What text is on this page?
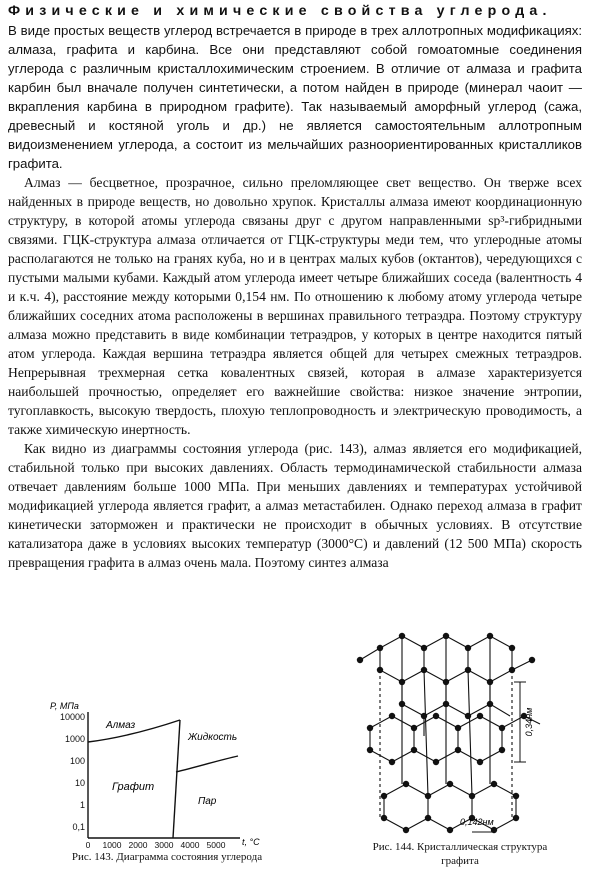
Физические и химические свойства углерода.

В виде простых веществ углерод встречается в природе в трех аллотропных модификациях: алмаза, графита и карбина. Все они представляют собой гомоатомные соединения углерода с различным кристаллохимическим строением. В отличие от алмаза и графита карбин был вначале получен синтетически, а потом найден в природе (минерал чаоит — вкрапления карбина в природном графите). Так называемый аморфный углерод (сажа, древесный и костяной уголь и др.) не является самостоятельным аллотропным видоизменением углерода, а состоит из мельчайших разноориентированных кристалликов графита.

Алмаз — бесцветное, прозрачное, сильно преломляющее свет вещество. Он тверже всех найденных в природе веществ, но довольно хрупок. Кристаллы алмаза имеют координационную структуру, в которой атомы углерода связаны друг с другом направленными sp³-гибридными связями. ГЦК-структура алмаза отличается от ГЦК-структуры меди тем, что углеродные атомы располагаются не только на гранях куба, но и в центрах малых кубов (октантов), чередующихся с пустыми малыми кубами. Каждый атом углерода имеет четыре ближайших соседа (валентность 4 и к.ч. 4), расстояние между которыми 0,154 нм. По отношению к любому атому углерода четыре ближайших соседних атома расположены в вершинах правильного тетраэдра. Поэтому структуру алмаза можно представить в виде комбинации тетраэдров, у которых в центре находится пятый атом углерода. Каждая вершина тетраэдра является общей для четырех смежных тетраэдров. Непрерывная трехмерная сетка ковалентных связей, которая в алмазе характеризуется наибольшей прочностью, определяет его важнейшие свойства: низкое значение энтропии, тугоплавкость, высокую твердость, плохую теплопроводность и электрическую проводимость, а также химическую инертность.

Как видно из диаграммы состояния углерода (рис. 143), алмаз является его модификацией, стабильной только при высоких давлениях. Область термодинамической стабильности алмаза отвечает давлениям больше 1000 МПа. При меньших давлениях и температурах устойчивой модификацией углерода является графит, а алмаз метастабилен. Однако переход алмаза в графит кинетически заторможен и практически не происходит в обычных условиях. В отсутствие катализатора даже в условиях высоких температур (3000°С) и давлений (12 500 МПа) скорость превращения графита в алмаз очень мала. Поэтому синтез алмаза

10000
1000
100
10
1
0,1
P, МПа
0 1000 2000 3000 4000 5000 t, °C
Алмаз
Графит
Жидкость
Пар
Рис. 143. Диаграмма состояния углерода
0,34нм
0,142нм
Рис. 144. Кристаллическая структура графита
